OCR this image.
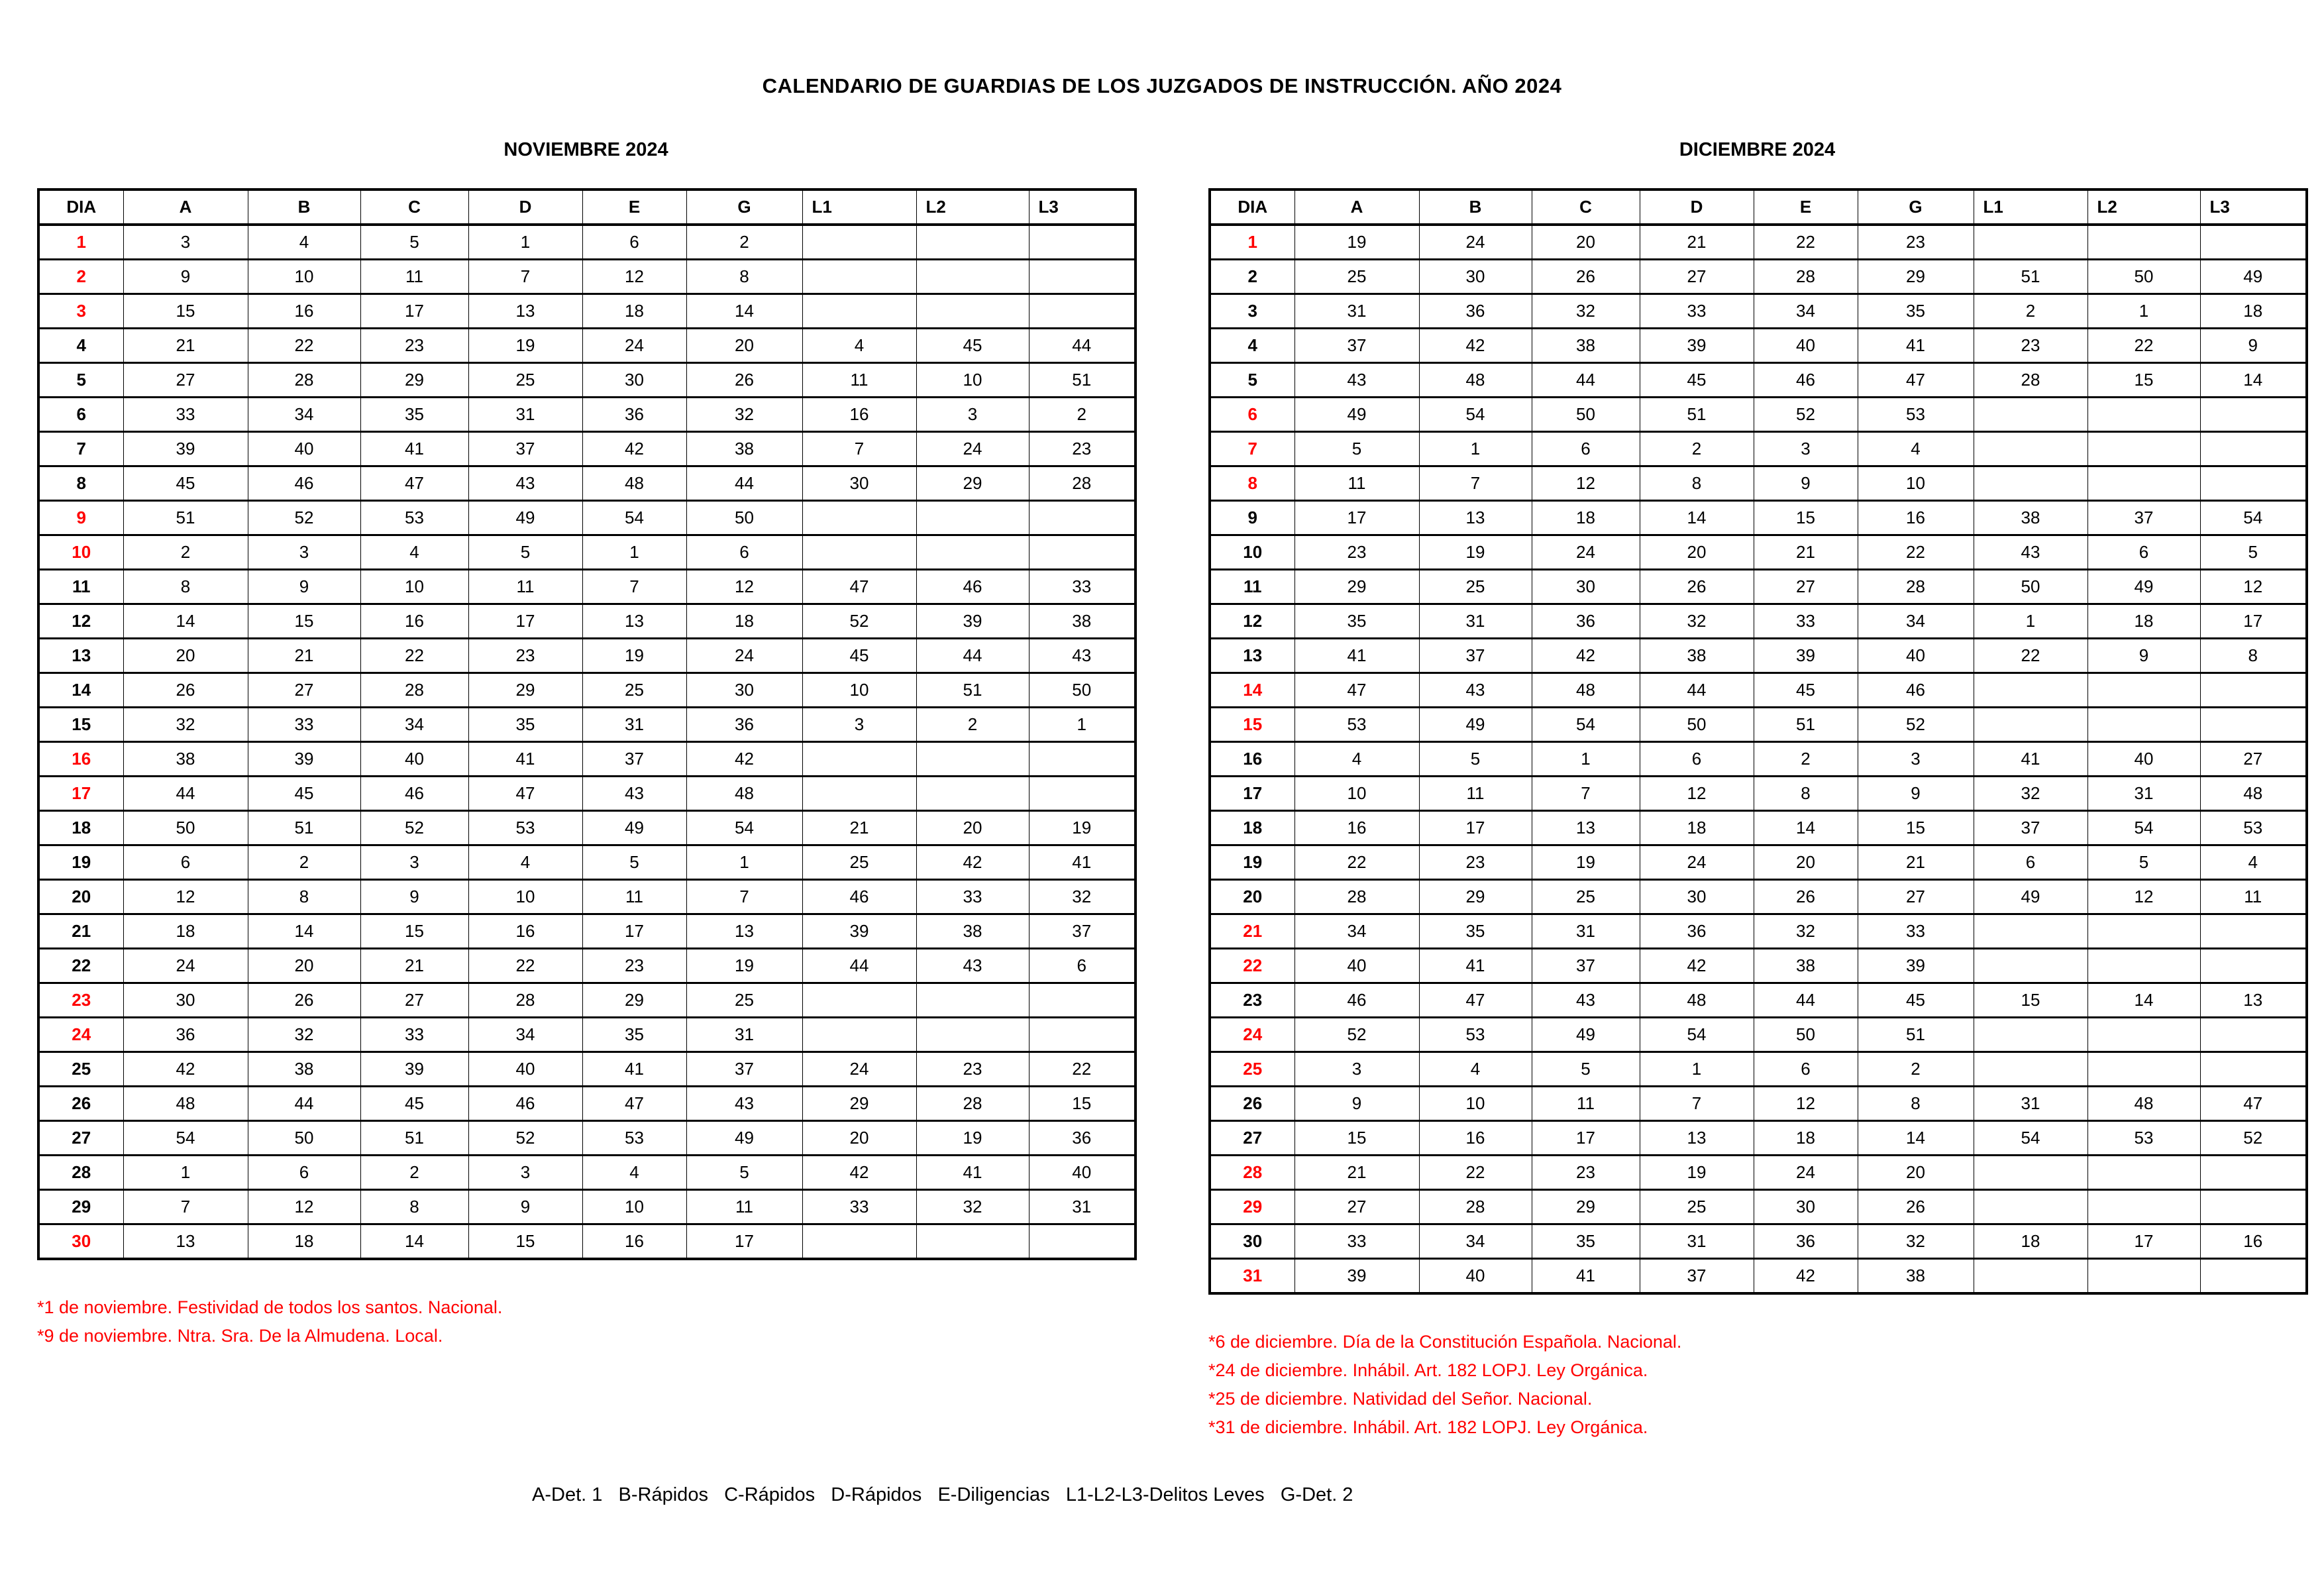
CALENDARIO DE GUARDIAS DE LOS JUZGADOS DE INSTRUCCIÓN. AÑO 2024
NOVIEMBRE 2024
DIA	A	B	C	D	E	G	L1	L2	L3
1	3	4	5	1	6	2			
2	9	10	11	7	12	8			
3	15	16	17	13	18	14			
4	21	22	23	19	24	20	4	45	44
5	27	28	29	25	30	26	11	10	51
6	33	34	35	31	36	32	16	3	2
7	39	40	41	37	42	38	7	24	23
8	45	46	47	43	48	44	30	29	28
9	51	52	53	49	54	50			
10	2	3	4	5	1	6			
11	8	9	10	11	7	12	47	46	33
12	14	15	16	17	13	18	52	39	38
13	20	21	22	23	19	24	45	44	43
14	26	27	28	29	25	30	10	51	50
15	32	33	34	35	31	36	3	2	1
16	38	39	40	41	37	42			
17	44	45	46	47	43	48			
18	50	51	52	53	49	54	21	20	19
19	6	2	3	4	5	1	25	42	41
20	12	8	9	10	11	7	46	33	32
21	18	14	15	16	17	13	39	38	37
22	24	20	21	22	23	19	44	43	6
23	30	26	27	28	29	25			
24	36	32	33	34	35	31			
25	42	38	39	40	41	37	24	23	22
26	48	44	45	46	47	43	29	28	15
27	54	50	51	52	53	49	20	19	36
28	1	6	2	3	4	5	42	41	40
29	7	12	8	9	10	11	33	32	31
30	13	18	14	15	16	17			
*1 de noviembre. Festividad de todos los santos. Nacional.
*9 de noviembre. Ntra. Sra. De la Almudena. Local.
DICIEMBRE 2024
DIA	A	B	C	D	E	G	L1	L2	L3
1	19	24	20	21	22	23			
2	25	30	26	27	28	29	51	50	49
3	31	36	32	33	34	35	2	1	18
4	37	42	38	39	40	41	23	22	9
5	43	48	44	45	46	47	28	15	14
6	49	54	50	51	52	53			
7	5	1	6	2	3	4			
8	11	7	12	8	9	10			
9	17	13	18	14	15	16	38	37	54
10	23	19	24	20	21	22	43	6	5
11	29	25	30	26	27	28	50	49	12
12	35	31	36	32	33	34	1	18	17
13	41	37	42	38	39	40	22	9	8
14	47	43	48	44	45	46			
15	53	49	54	50	51	52			
16	4	5	1	6	2	3	41	40	27
17	10	11	7	12	8	9	32	31	48
18	16	17	13	18	14	15	37	54	53
19	22	23	19	24	20	21	6	5	4
20	28	29	25	30	26	27	49	12	11
21	34	35	31	36	32	33			
22	40	41	37	42	38	39			
23	46	47	43	48	44	45	15	14	13
24	52	53	49	54	50	51			
25	3	4	5	1	6	2			
26	9	10	11	7	12	8	31	48	47
27	15	16	17	13	18	14	54	53	52
28	21	22	23	19	24	20			
29	27	28	29	25	30	26			
30	33	34	35	31	36	32	18	17	16
31	39	40	41	37	42	38			
*6 de diciembre. Día de la Constitución Española. Nacional.
*24 de diciembre. Inhábil. Art. 182 LOPJ. Ley Orgánica.
*25 de diciembre. Natividad del Señor. Nacional.
*31 de diciembre. Inhábil. Art. 182 LOPJ. Ley Orgánica.
A-Det. 1   B-Rápidos   C-Rápidos   D-Rápidos   E-Diligencias   L1-L2-L3-Delitos Leves   G-Det. 2
